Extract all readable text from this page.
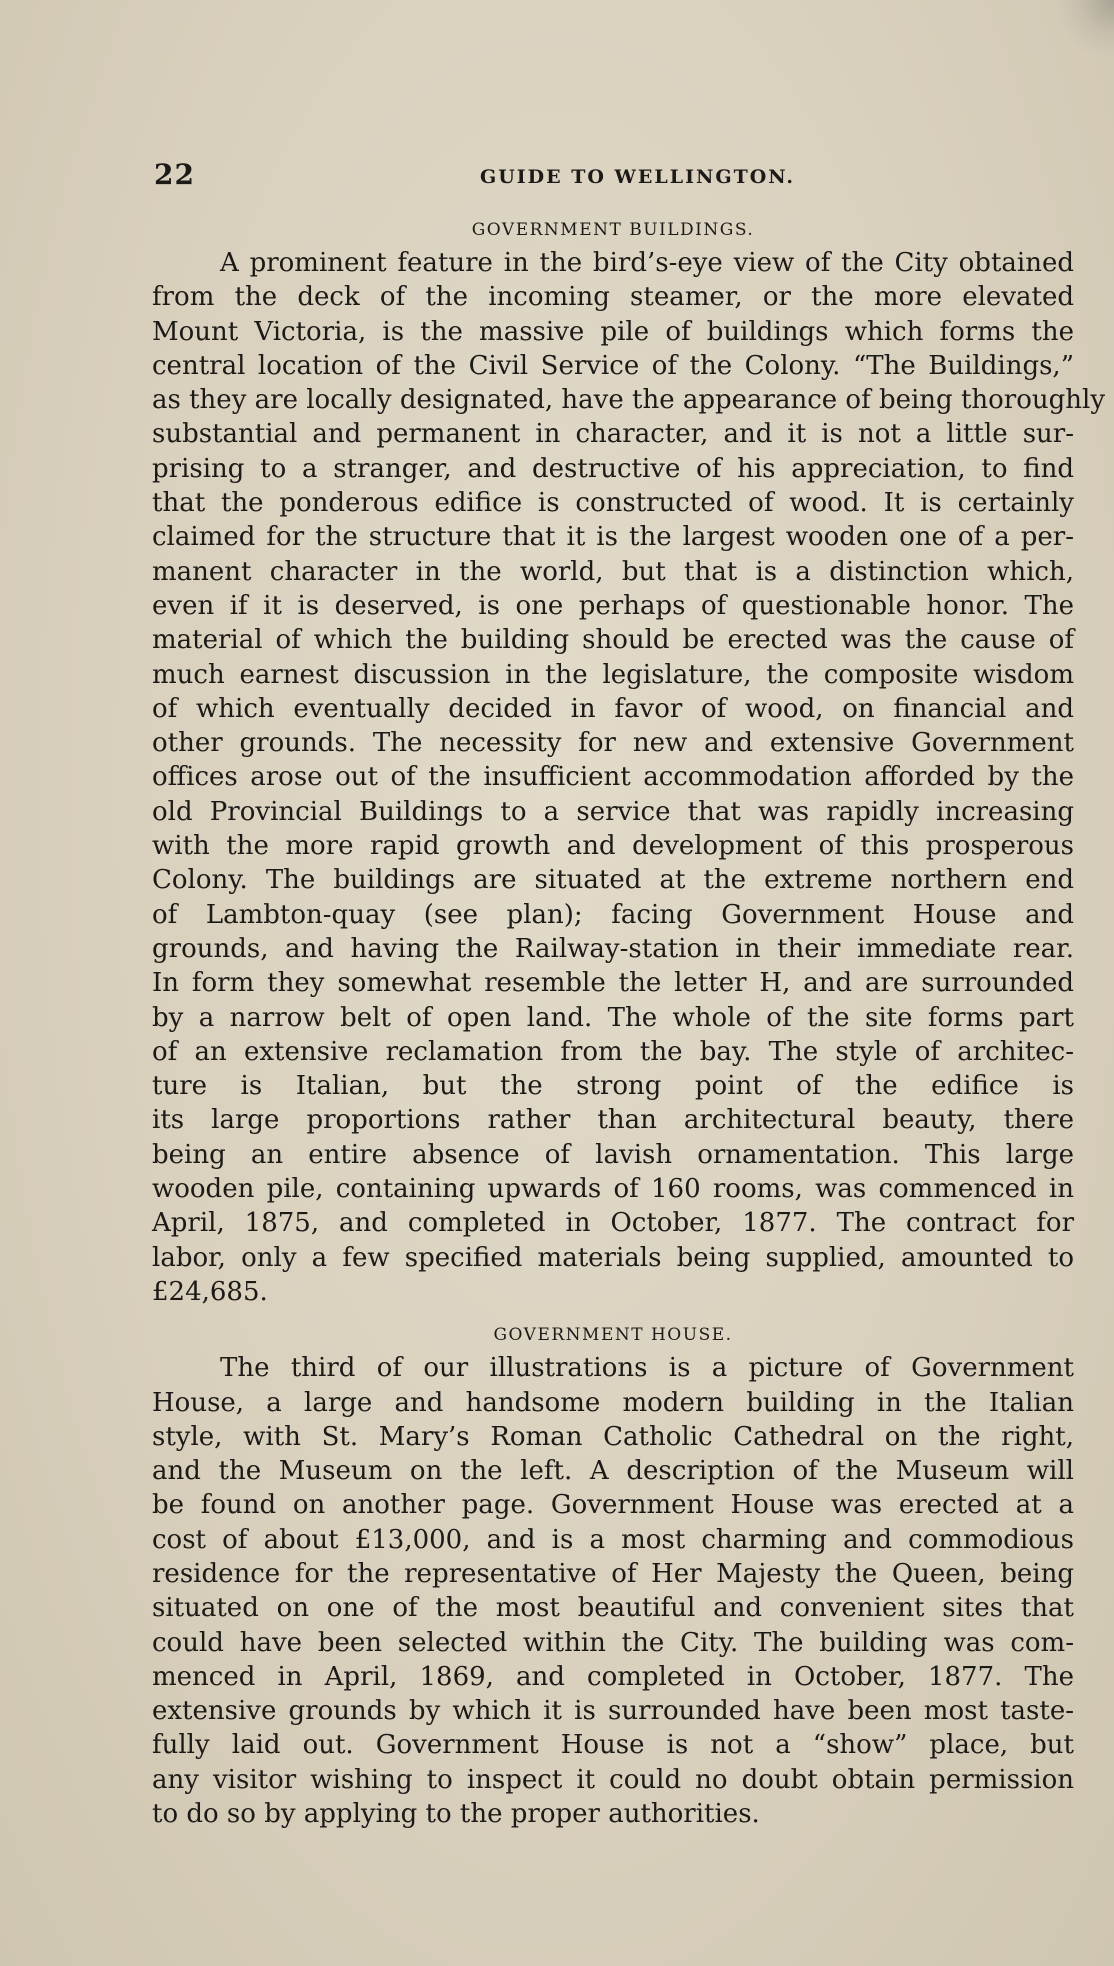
22	GUIDE TO WELLINGTON.
GOVERNMENT BUILDINGS.
A prominent feature in the bird’s-eye view of the City obtained
from the deck of the incoming steamer, or the more elevated
Mount Victoria, is the massive pile of buildings which forms the
central location of the Civil Service of the Colony. “The Buildings,”
as they are locally designated, have the appearance of being thoroughly
substantial and permanent in character, and it is not a little sur-
prising to a stranger, and destructive of his appreciation, to find
that the ponderous edifice is constructed of wood. It is certainly
claimed for the structure that it is the largest wooden one of a per-
manent character in the world, but that is a distinction which,
even if it is deserved, is one perhaps of questionable honor. The
material of which the building should be erected was the cause of
much earnest discussion in the legislature, the composite wisdom
of which eventually decided in favor of wood, on financial and
other grounds. The necessity for new and extensive Government
offices arose out of the insufficient accommodation afforded by the
old Provincial Buildings to a service that was rapidly increasing
with the more rapid growth and development of this prosperous
Colony. The buildings are situated at the extreme northern end
of Lambton-quay (see plan); facing Government House and
grounds, and having the Railway-station in their immediate rear.
In form they somewhat resemble the letter H, and are surrounded
by a narrow belt of open land. The whole of the site forms part
of an extensive reclamation from the bay. The style of architec-
ture is Italian, but the strong point of the edifice is
its large proportions rather than architectural beauty, there
being an entire absence of lavish ornamentation. This large
wooden pile, containing upwards of 160 rooms, was commenced in
April, 1875, and completed in October, 1877. The contract for
labor, only a few specified materials being supplied, amounted to
£24,685.
GOVERNMENT HOUSE.
The third of our illustrations is a picture of Government
House, a large and handsome modern building in the Italian
style, with St. Mary’s Roman Catholic Cathedral on the right,
and the Museum on the left. A description of the Museum will
be found on another page. Government House was erected at a
cost of about £13,000, and is a most charming and commodious
residence for the representative of Her Majesty the Queen, being
situated on one of the most beautiful and convenient sites that
could have been selected within the City. The building was com-
menced in April, 1869, and completed in October, 1877. The
extensive grounds by which it is surrounded have been most taste-
fully laid out. Government House is not a “show” place, but
any visitor wishing to inspect it could no doubt obtain permission
to do so by applying to the proper authorities.
